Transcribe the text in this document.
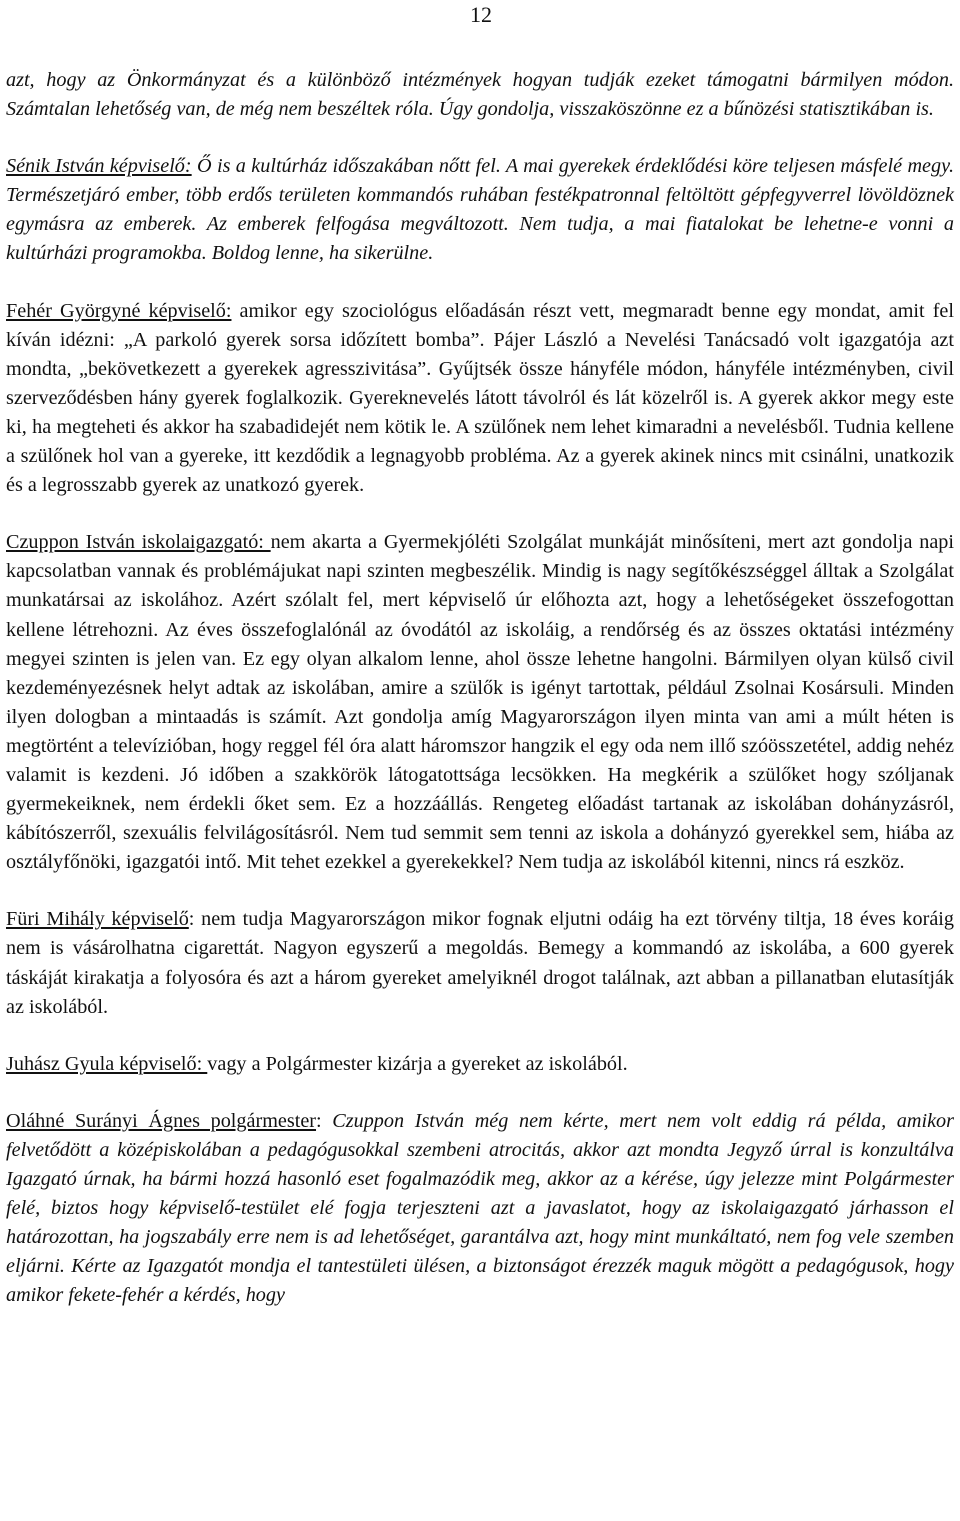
12

azt, hogy az Önkormányzat és a különböző intézmények hogyan tudják ezeket támogatni bármilyen módon. Számtalan lehetőség van, de még nem beszéltek róla. Úgy gondolja, visszaköszönne ez a bűnözési statisztikában is.

Sénik István képviselő: Ő is a kultúrház időszakában nőtt fel. A mai gyerekek érdeklődési köre teljesen másfelé megy. Természetjáró ember, több erdős területen kommandós ruhában festékpatronnal feltöltött gépfegyverrel lövöldöznek egymásra az emberek. Az emberek felfogása megváltozott. Nem tudja, a mai fiatalokat be lehetne-e vonni a kultúrházi programokba. Boldog lenne, ha sikerülne.

Fehér Györgyné képviselő: amikor egy szociológus előadásán részt vett, megmaradt benne egy mondat, amit fel kíván idézni: „A parkoló gyerek sorsa időzített bomba”. Pájer László a Nevelési Tanácsadó volt igazgatója azt mondta, „bekövetkezett a gyerekek agresszivitása”. Gyűjtsék össze hányféle módon, hányféle intézményben, civil szerveződésben hány gyerek foglalkozik. Gyereknevelés látott távolról és lát közelről is. A gyerek akkor megy este ki, ha megteheti és akkor ha szabadidejét nem kötik le. A szülőnek nem lehet kimaradni a nevelésből. Tudnia kellene a szülőnek hol van a gyereke, itt kezdődik a legnagyobb probléma. Az a gyerek akinek nincs mit csinálni, unatkozik és a legrosszabb gyerek az unatkozó gyerek.

Czuppon István iskolaigazgató: nem akarta a Gyermekjóléti Szolgálat munkáját minősíteni, mert azt gondolja napi kapcsolatban vannak és problémájukat napi szinten megbeszélik. Mindig is nagy segítőkészséggel álltak a Szolgálat munkatársai az iskolához. Azért szólalt fel, mert képviselő úr előhozta azt, hogy a lehetőségeket összefogottan kellene létrehozni. Az éves összefoglalónál az óvodától az iskoláig, a rendőrség és az összes oktatási intézmény megyei szinten is jelen van. Ez egy olyan alkalom lenne, ahol össze lehetne hangolni. Bármilyen olyan külső civil kezdeményezésnek helyt adtak az iskolában, amire a szülők is igényt tartottak, például Zsolnai Kosársuli. Minden ilyen dologban a mintaadás is számít. Azt gondolja amíg Magyarországon ilyen minta van ami a múlt héten is megtörtént a televízióban, hogy reggel fél óra alatt háromszor hangzik el egy oda nem illő szóösszetétel, addig nehéz valamit is kezdeni. Jó időben a szakkörök látogatottsága lecsökken. Ha megkérik a szülőket hogy szóljanak gyermekeiknek, nem érdekli őket sem. Ez a hozzáállás. Rengeteg előadást tartanak az iskolában dohányzásról, kábítószerről, szexuális felvilágosításról. Nem tud semmit sem tenni az iskola a dohányzó gyerekkel sem, hiába az osztályfőnöki, igazgatói intő. Mit tehet ezekkel a gyerekekkel? Nem tudja az iskolából kitenni, nincs rá eszköz.

Füri Mihály képviselő: nem tudja Magyarországon mikor fognak eljutni odáig ha ezt törvény tiltja, 18 éves koráig nem is vásárolhatna cigarettát. Nagyon egyszerű a megoldás. Bemegy a kommandó az iskolába, a 600 gyerek táskáját kirakatja a folyosóra és azt a három gyereket amelyiknél drogot találnak, azt abban a pillanatban elutasítják az iskolából.

Juhász Gyula képviselő: vagy a Polgármester kizárja a gyereket az iskolából.

Oláhné Surányi Ágnes polgármester: Czuppon István még nem kérte, mert nem volt eddig rá példa, amikor felvetődött a középiskolában a pedagógusokkal szembeni atrocitás, akkor azt mondta Jegyző úrral is konzultálva Igazgató úrnak, ha bármi hozzá hasonló eset fogalmazódik meg, akkor az a kérése, úgy jelezze mint Polgármester felé, biztos hogy képviselő-testület elé fogja terjeszteni azt a javaslatot, hogy az iskolaigazgató járhasson el határozottan, ha jogszabály erre nem is ad lehetőséget, garantálva azt, hogy mint munkáltató, nem fog vele szemben eljárni. Kérte az Igazgatót mondja el tantestületi ülésen, a biztonságot érezzék maguk mögött a pedagógusok, hogy amikor fekete-fehér a kérdés, hogy
